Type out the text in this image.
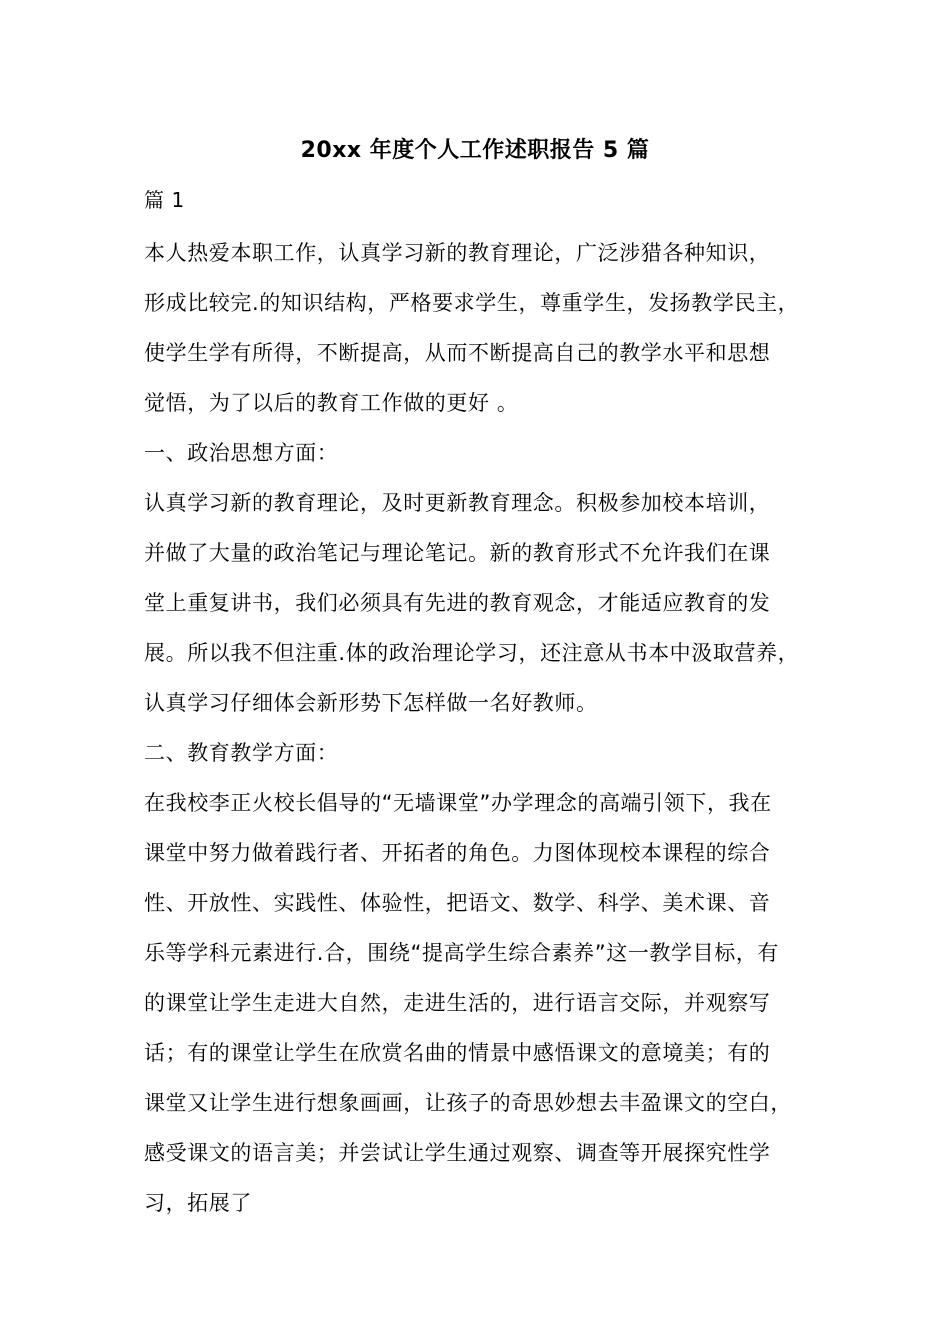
20xx 年度个人工作述职报告 5 篇
篇 1
本人热爱本职工作，认真学习新的教育理论，广泛涉猎各种知识，
形成比较完.的知识结构，严格要求学生，尊重学生，发扬教学民主，
使学生学有所得，不断提高，从而不断提高自己的教学水平和思想
觉悟，为了以后的教育工作做的更好 。
一、政治思想方面：
认真学习新的教育理论，及时更新教育理念。积极参加校本培训，
并做了大量的政治笔记与理论笔记。新的教育形式不允许我们在课
堂上重复讲书，我们必须具有先进的教育观念，才能适应教育的发
展。所以我不但注重.体的政治理论学习，还注意从书本中汲取营养，
认真学习仔细体会新形势下怎样做一名好教师。
二、教育教学方面：
在我校李正火校长倡导的“无墙课堂”办学理念的高端引领下，我在
课堂中努力做着践行者、开拓者的角色。力图体现校本课程的综合
性、开放性、实践性、体验性，把语文、数学、科学、美术课、音
乐等学科元素进行.合，围绕“提高学生综合素养”这一教学目标，有
的课堂让学生走进大自然，走进生活的，进行语言交际，并观察写
话；有的课堂让学生在欣赏名曲的情景中感悟课文的意境美；有的
课堂又让学生进行想象画画，让孩子的奇思妙想去丰盈课文的空白，
感受课文的语言美；并尝试让学生通过观察、调查等开展探究性学
习，拓展了
